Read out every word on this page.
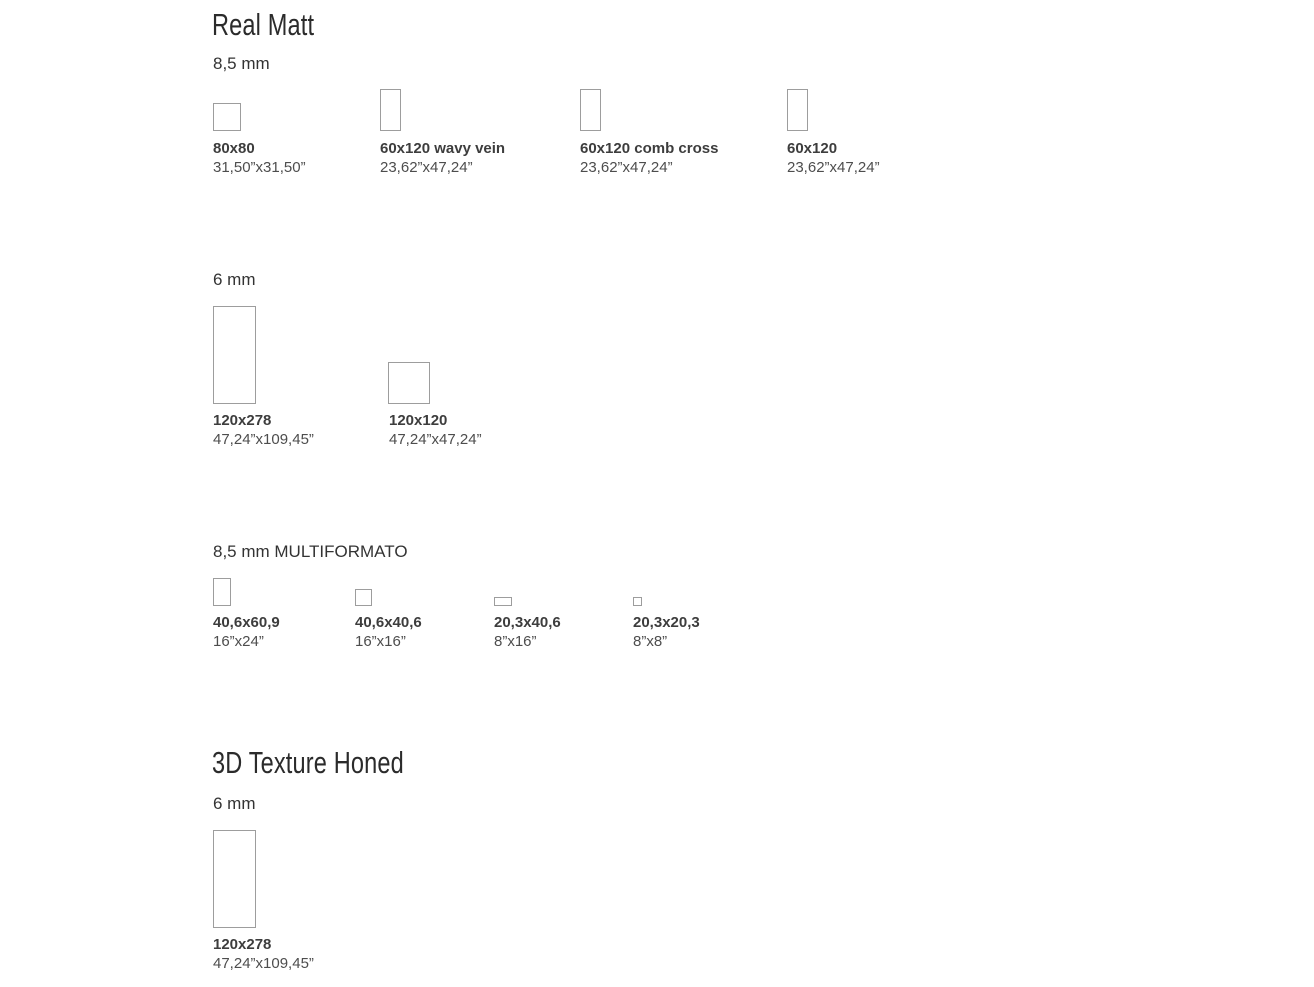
Real Matt
8,5 mm
80x80
31,50”x31,50”
60x120 wavy vein
23,62”x47,24”
60x120 comb cross
23,62”x47,24”
60x120
23,62”x47,24”
6 mm
120x278
47,24”x109,45”
120x120
47,24”x47,24”
8,5 mm MULTIFORMATO
40,6x60,9
16”x24”
40,6x40,6
16”x16”
20,3x40,6
8”x16”
20,3x20,3
8”x8”
3D Texture Honed
6 mm
120x278
47,24”x109,45”
